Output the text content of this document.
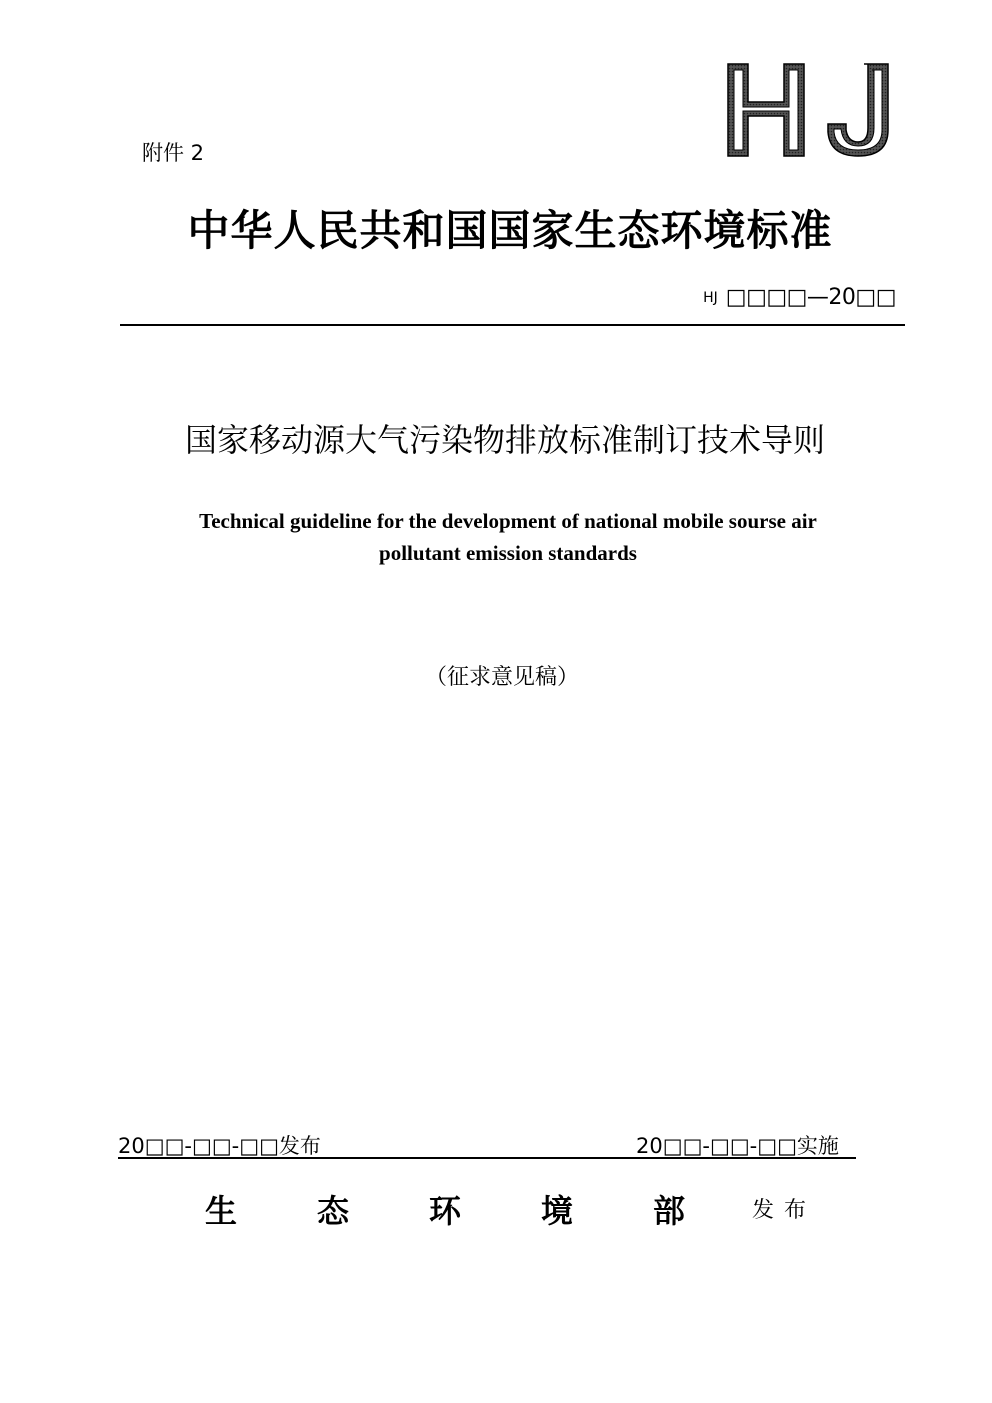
附件 2
中华人民共和国国家生态环境标准
HJ □□□□—20□□
国家移动源大气污染物排放标准制订技术导则
Technical guideline for the development of national mobile sourse air
pollutant emission standards
（征求意见稿）
20□□-□□-□□发布	20□□-□□-□□实施
生 态 环 境 部	发布
